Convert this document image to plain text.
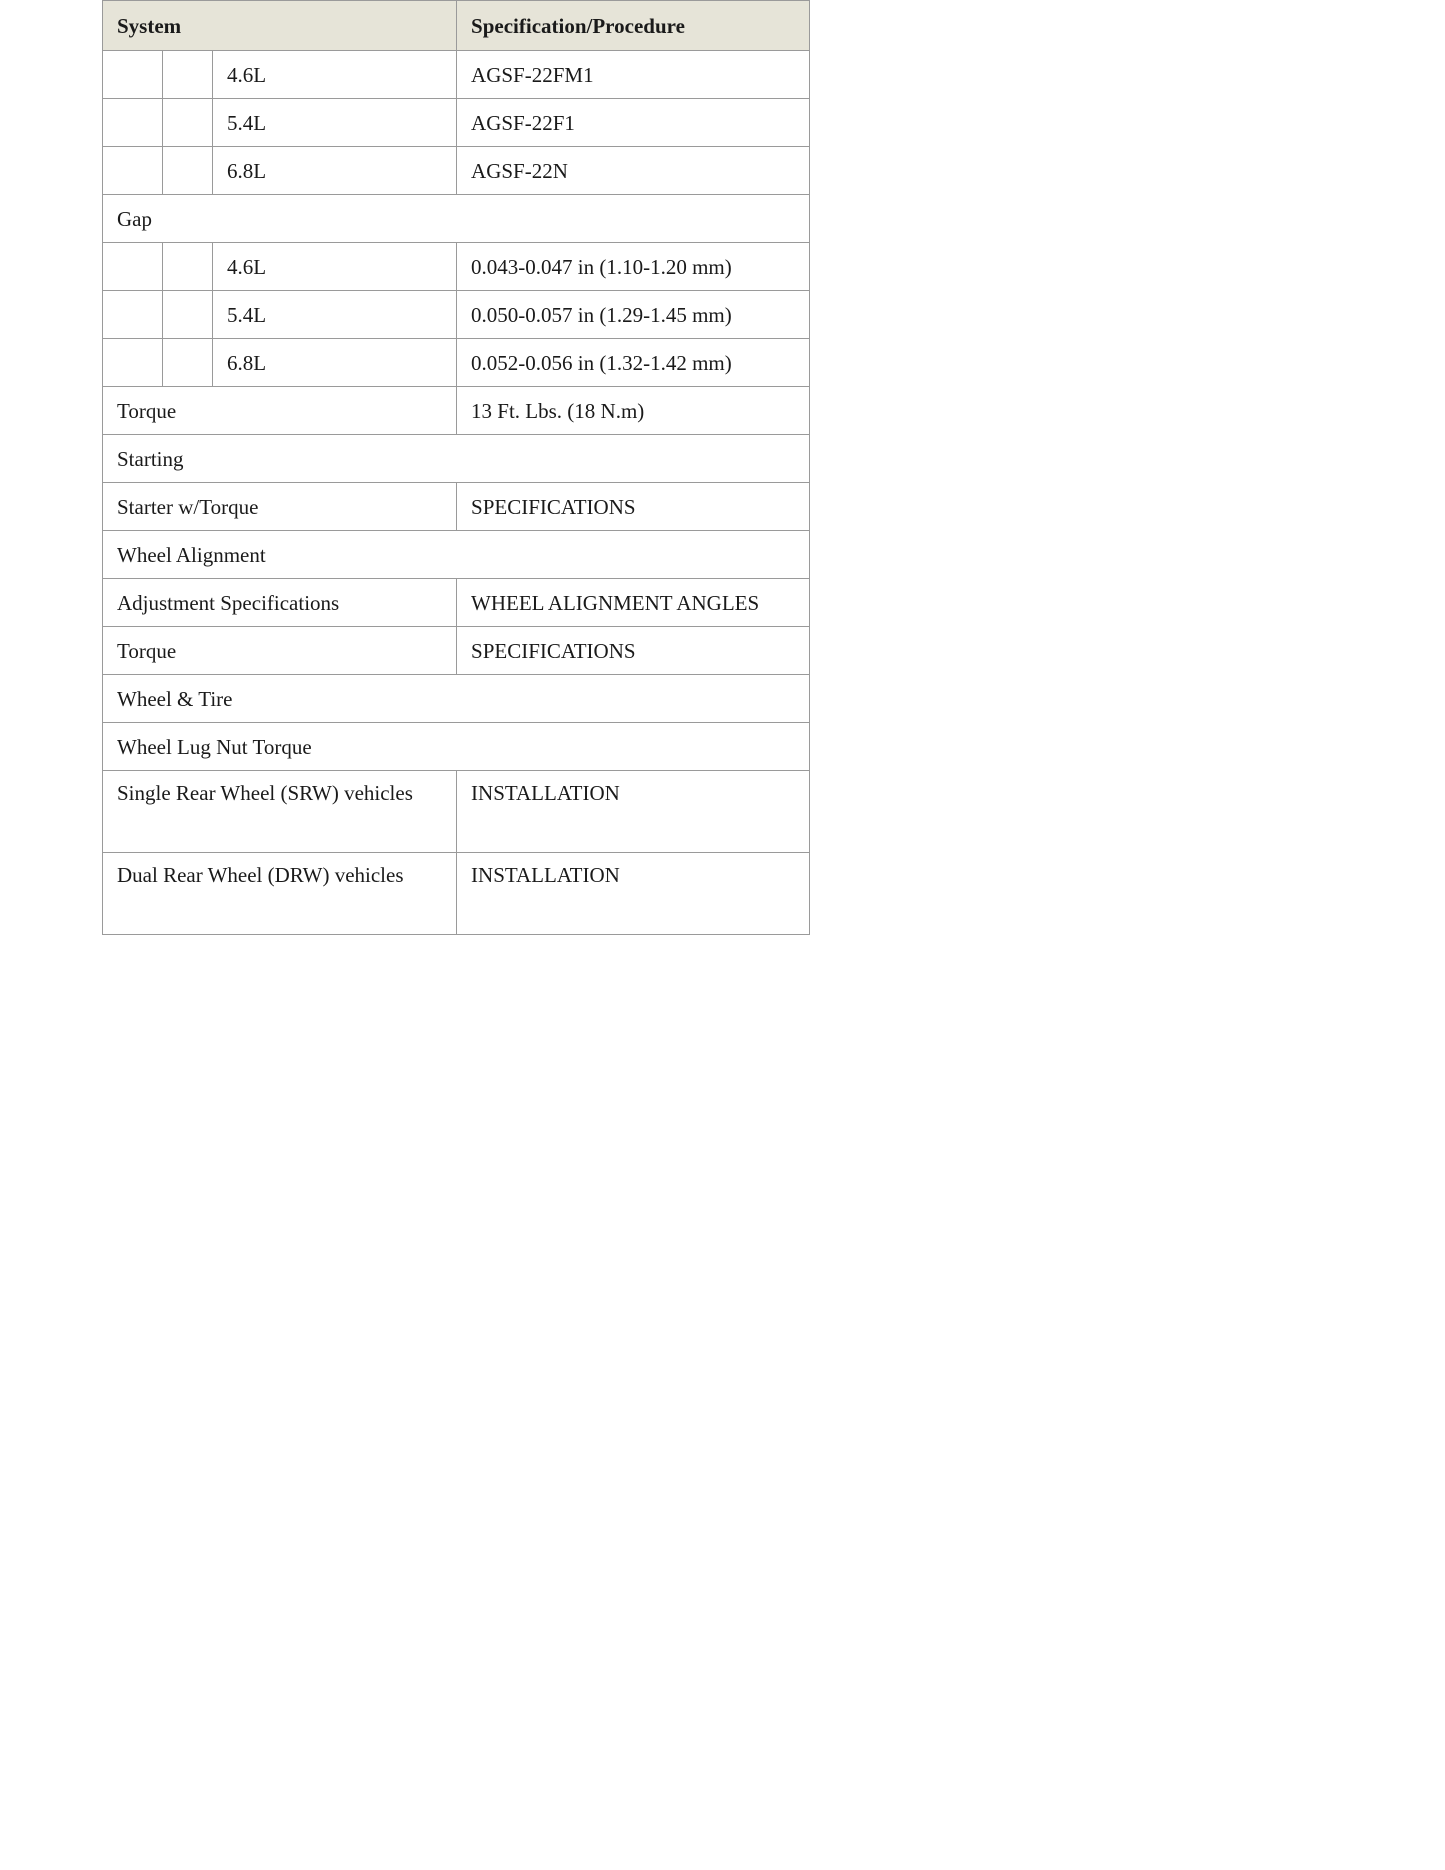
System			Specification/Procedure
		4.6L	AGSF-22FM1
		5.4L	AGSF-22F1
		6.8L	AGSF-22N
Gap			
		4.6L	0.043-0.047 in (1.10-1.20 mm)
		5.4L	0.050-0.057 in (1.29-1.45 mm)
		6.8L	0.052-0.056 in (1.32-1.42 mm)
Torque			13 Ft. Lbs. (18 N.m)
Starting			
Starter w/Torque			SPECIFICATIONS
Wheel Alignment			
Adjustment Specifications			WHEEL ALIGNMENT ANGLES
Torque			SPECIFICATIONS
Wheel & Tire			
Wheel Lug Nut Torque			
Single Rear Wheel (SRW) vehicles			INSTALLATION
Dual Rear Wheel (DRW) vehicles			INSTALLATION
